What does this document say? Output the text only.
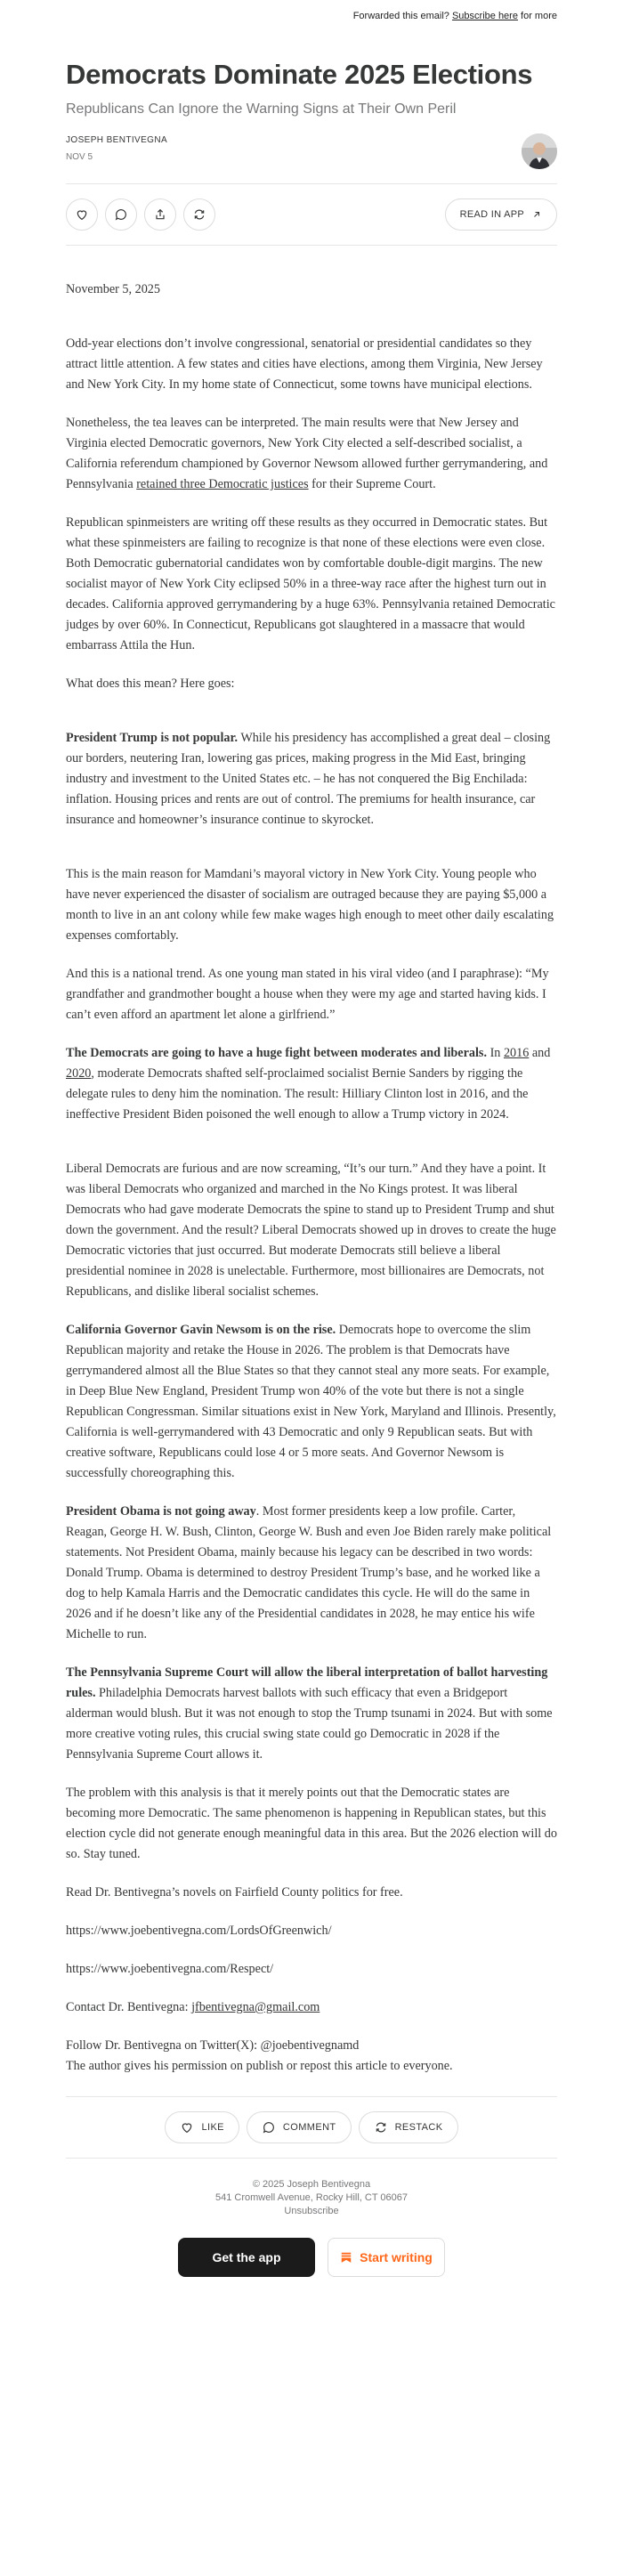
Forwarded this email? Subscribe here for more
Democrats Dominate 2025 Elections
Republicans Can Ignore the Warning Signs at Their Own Peril
JOSEPH BENTIVEGNA
NOV 5
READ IN APP

November 5, 2025

Odd-year elections don’t involve congressional, senatorial or presidential candidates so they attract little attention. A few states and cities have elections, among them Virginia, New Jersey and New York City. In my home state of Connecticut, some towns have municipal elections.

Nonetheless, the tea leaves can be interpreted. The main results were that New Jersey and Virginia elected Democratic governors, New York City elected a self-described socialist, a California referendum championed by Governor Newsom allowed further gerrymandering, and Pennsylvania retained three Democratic justices for their Supreme Court.

Republican spinmeisters are writing off these results as they occurred in Democratic states. But what these spinmeisters are failing to recognize is that none of these elections were even close. Both Democratic gubernatorial candidates won by comfortable double-digit margins. The new socialist mayor of New York City eclipsed 50% in a three-way race after the highest turn out in decades. California approved gerrymandering by a huge 63%. Pennsylvania retained Democratic judges by over 60%. In Connecticut, Republicans got slaughtered in a massacre that would embarrass Attila the Hun.

What does this mean? Here goes:

President Trump is not popular. While his presidency has accomplished a great deal – closing our borders, neutering Iran, lowering gas prices, making progress in the Mid East, bringing industry and investment to the United States etc. – he has not conquered the Big Enchilada: inflation. Housing prices and rents are out of control. The premiums for health insurance, car insurance and homeowner’s insurance continue to skyrocket.

This is the main reason for Mamdani’s mayoral victory in New York City. Young people who have never experienced the disaster of socialism are outraged because they are paying $5,000 a month to live in an ant colony while few make wages high enough to meet other daily escalating expenses comfortably.

And this is a national trend. As one young man stated in his viral video (and I paraphrase): “My grandfather and grandmother bought a house when they were my age and started having kids. I can’t even afford an apartment let alone a girlfriend.”

The Democrats are going to have a huge fight between moderates and liberals. In 2016 and 2020, moderate Democrats shafted self-proclaimed socialist Bernie Sanders by rigging the delegate rules to deny him the nomination. The result: Hilliary Clinton lost in 2016, and the ineffective President Biden poisoned the well enough to allow a Trump victory in 2024.

Liberal Democrats are furious and are now screaming, “It’s our turn.” And they have a point. It was liberal Democrats who organized and marched in the No Kings protest. It was liberal Democrats who had gave moderate Democrats the spine to stand up to President Trump and shut down the government. And the result? Liberal Democrats showed up in droves to create the huge Democratic victories that just occurred. But moderate Democrats still believe a liberal presidential nominee in 2028 is unelectable. Furthermore, most billionaires are Democrats, not Republicans, and dislike liberal socialist schemes.

California Governor Gavin Newsom is on the rise. Democrats hope to overcome the slim Republican majority and retake the House in 2026. The problem is that Democrats have gerrymandered almost all the Blue States so that they cannot steal any more seats. For example, in Deep Blue New England, President Trump won 40% of the vote but there is not a single Republican Congressman. Similar situations exist in New York, Maryland and Illinois. Presently, California is well-gerrymandered with 43 Democratic and only 9 Republican seats. But with creative software, Republicans could lose 4 or 5 more seats. And Governor Newsom is successfully choreographing this.

President Obama is not going away. Most former presidents keep a low profile. Carter, Reagan, George H. W. Bush, Clinton, George W. Bush and even Joe Biden rarely make political statements. Not President Obama, mainly because his legacy can be described in two words: Donald Trump. Obama is determined to destroy President Trump’s base, and he worked like a dog to help Kamala Harris and the Democratic candidates this cycle. He will do the same in 2026 and if he doesn’t like any of the Presidential candidates in 2028, he may entice his wife Michelle to run.

The Pennsylvania Supreme Court will allow the liberal interpretation of ballot harvesting rules. Philadelphia Democrats harvest ballots with such efficacy that even a Bridgeport alderman would blush. But it was not enough to stop the Trump tsunami in 2024. But with some more creative voting rules, this crucial swing state could go Democratic in 2028 if the Pennsylvania Supreme Court allows it.

The problem with this analysis is that it merely points out that the Democratic states are becoming more Democratic. The same phenomenon is happening in Republican states, but this election cycle did not generate enough meaningful data in this area. But the 2026 election will do so. Stay tuned.

Read Dr. Bentivegna’s novels on Fairfield County politics for free.

https://www.joebentivegna.com/LordsOfGreenwich/

https://www.joebentivegna.com/Respect/

Contact Dr. Bentivegna: jfbentivegna@gmail.com

Follow Dr. Bentivegna on Twitter(X): @joebentivegnamd

The author gives his permission on publish or repost this article to everyone.

LIKE	COMMENT	RESTACK
© 2025 Joseph Bentivegna
541 Cromwell Avenue, Rocky Hill, CT 06067
Unsubscribe
Get the app	Start writing
